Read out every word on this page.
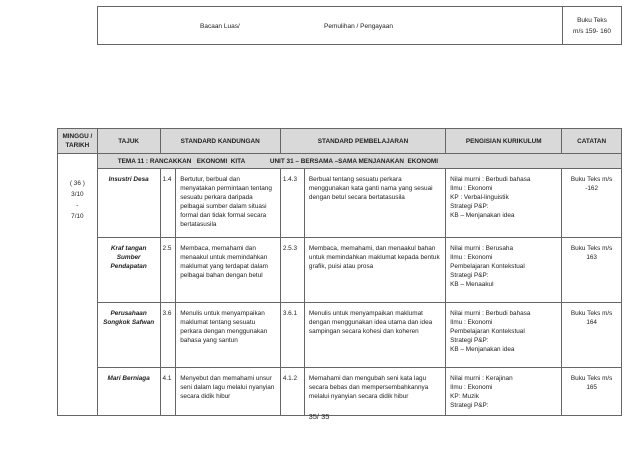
Bacaan Luas/	Pemulihan / Pengayaan

Buku Teks
m/s 159- 160
MINGGU / TARIKH	TAJUK	STANDARD KANDUNGAN		STANDARD PEMBELAJARAN		PENGISIAN KURIKULUM	CATATAN

( 36 )
3/10
-
7/10	TEMA 11 : RANCAKKAN   EKONOMI  KITA              UNIT 31 – BERSAMA –SAMA MENJANAKAN  EKONOMI						
	Insustri Desa	1.4	Bertutur, berbual dan menyatakan permintaan tentang sesuatu perkara daripada pelbagai sumber dalam situasi formal dan tidak formal secara bertatasusila	1.4.3	Berbual tentang sesuatu perkara menggunakan kata ganti nama yang sesuai dengan betul secara bertatasusila	Nilai murni : Berbudi bahasa
Ilmu : Ekonomi
KP : Verbal-linguistik
Strategi P&P:
KB – Menjanakan idea	Buku Teks m/s -162
	Kraf tangan Sumber Pendapatan	2.5	Membaca, memahami dan menaakul untuk memindahkan maklumat yang terdapat dalam pelbagai bahan dengan betul	2.5.3	Membaca, memahami, dan menaakul bahan untuk memindahkan maklumat kepada bentuk grafik, puisi atau prosa	Nilai murni : Berusaha
Ilmu : Ekonomi
Pembelajaran Kontekstual
Strategi P&P:
KB – Menaakul	Buku Teks m/s 163
	Perusahaan Songkok Safwan	3.6	Menulis untuk menyampaikan maklumat tentang sesuatu perkara dengan menggunakan bahasa yang santun	3.6.1	Menulis untuk menyampaikan maklumat dengan menggunakan idea utama dan idea sampingan secara kohesi dan koheren	Nilai murni : Berbudi bahasa
Ilmu : Ekonomi
Pembelajaran Kontekstual
Strategi P&P:
KB – Menjanakan idea	Buku Teks m/s 164
	Mari Berniaga	4.1	Menyebut dan memahami unsur seni dalam lagu melalui nyanyian secara didik hibur	4.1.2	Memahami dan mengubah seni kata lagu secara bebas dan mempersembahkannya melalui nyanyian secara didik hibur	Nilai murni : Kerajinan
Ilmu : Ekonomi
KP: Muzik
Strategi P&P:	Buku Teks m/s 165
35/ 35
